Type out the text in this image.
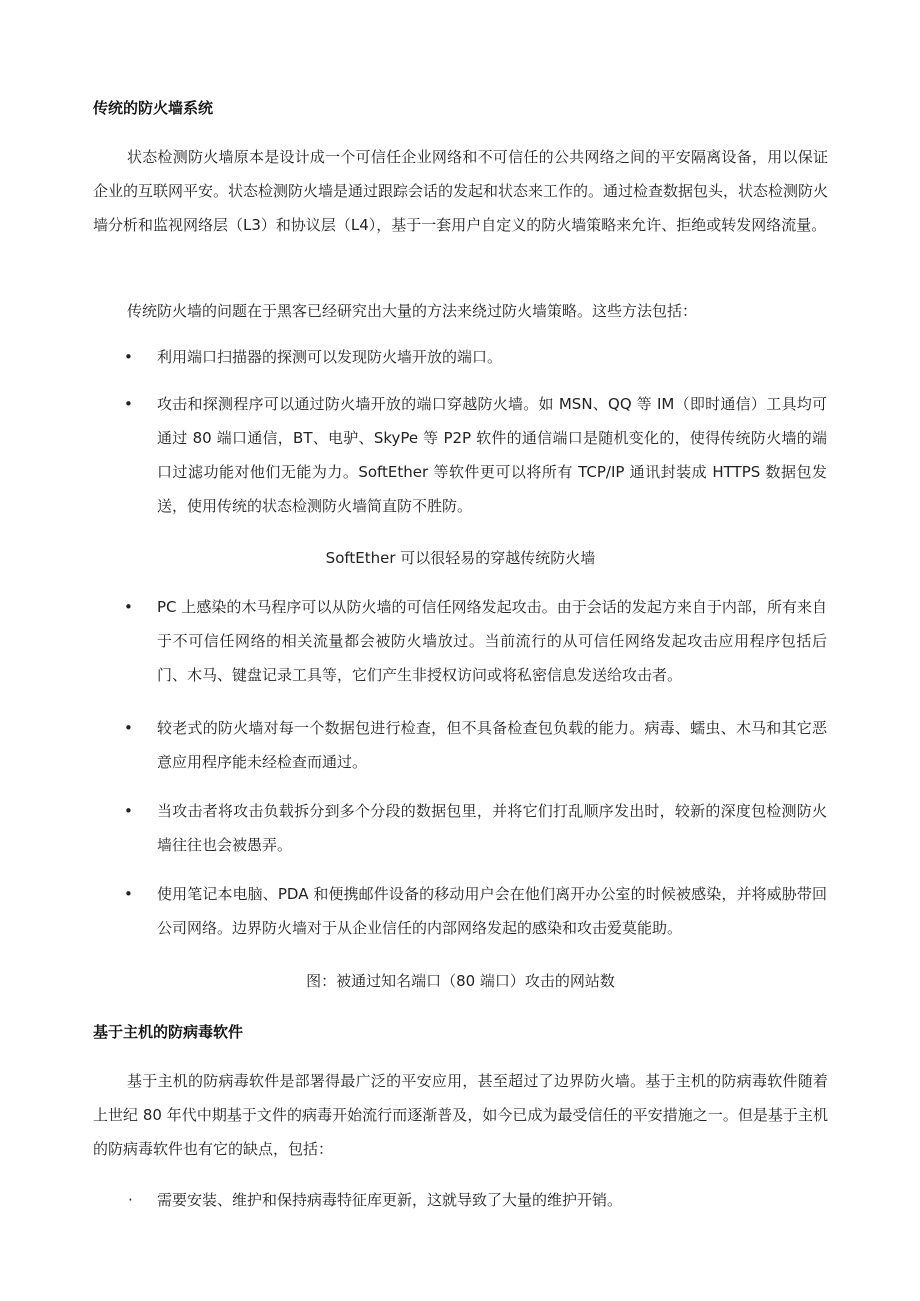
传统的防火墙系统
状态检测防火墙原本是设计成一个可信任企业网络和不可信任的公共网络之间的平安隔离设备，用以保证企业的互联网平安。状态检测防火墙是通过跟踪会话的发起和状态来工作的。通过检查数据包头，状态检测防火墙分析和监视网络层（L3）和协议层（L4），基于一套用户自定义的防火墙策略来允许、拒绝或转发网络流量。
传统防火墙的问题在于黑客已经研究出大量的方法来绕过防火墙策略。这些方法包括：
• 利用端口扫描器的探测可以发现防火墙开放的端口。
• 攻击和探测程序可以通过防火墙开放的端口穿越防火墙。如 MSN、QQ 等 IM（即时通信）工具均可通过 80 端口通信，BT、电驴、SkyPe 等 P2P 软件的通信端口是随机变化的，使得传统防火墙的端口过滤功能对他们无能为力。SoftEther 等软件更可以将所有 TCP/IP 通讯封装成 HTTPS 数据包发送，使用传统的状态检测防火墙简直防不胜防。
SoftEther 可以很轻易的穿越传统防火墙
• PC 上感染的木马程序可以从防火墙的可信任网络发起攻击。由于会话的发起方来自于内部，所有来自于不可信任网络的相关流量都会被防火墙放过。当前流行的从可信任网络发起攻击应用程序包括后门、木马、键盘记录工具等，它们产生非授权访问或将私密信息发送给攻击者。
• 较老式的防火墙对每一个数据包进行检查，但不具备检查包负载的能力。病毒、蠕虫、木马和其它恶意应用程序能未经检查而通过。
• 当攻击者将攻击负载拆分到多个分段的数据包里，并将它们打乱顺序发出时，较新的深度包检测防火墙往往也会被愚弄。
• 使用笔记本电脑、PDA 和便携邮件设备的移动用户会在他们离开办公室的时候被感染，并将威胁带回公司网络。边界防火墙对于从企业信任的内部网络发起的感染和攻击爱莫能助。
图：被通过知名端口（80 端口）攻击的网站数
基于主机的防病毒软件
基于主机的防病毒软件是部署得最广泛的平安应用，甚至超过了边界防火墙。基于主机的防病毒软件随着上世纪 80 年代中期基于文件的病毒开始流行而逐渐普及，如今已成为最受信任的平安措施之一。但是基于主机的防病毒软件也有它的缺点，包括：
· 需要安装、维护和保持病毒特征库更新，这就导致了大量的维护开销。
